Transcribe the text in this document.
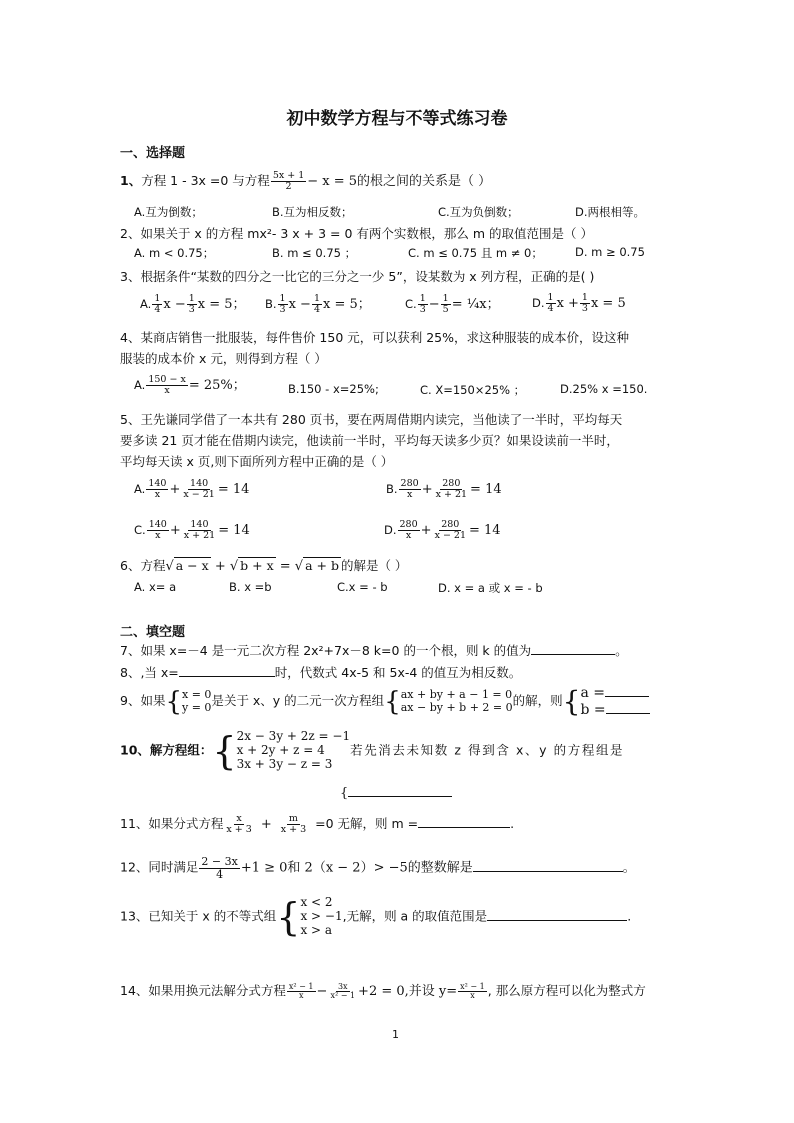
初中数学方程与不等式练习卷
一、选择题
1、方程 1 - 3x =0 与方程 $\frac{5x + 1}{2} - x = 5$的根之间的关系是（ ）
A.互为倒数；	B.互为相反数；	C.互为负倒数；	D.两根相等。
2、如果关于 x 的方程 mx²- 3 x + 3 = 0 有两个实数根，那么 m 的取值范围是（ ）
A. m < 0.75；	B. m ≤ 0.75 ；	C. m ≤ 0.75 且 m ≠ 0；	D. m ≥ 0.75
3、根据条件“某数的四分之一比它的三分之一少 5”，设某数为 x 列方程，正确的是( )
A. $\frac{1}{4}$ $x - \frac{1}{3}$ x = 5； B. $\frac{1}{3}$ $x - \frac{1}{4}$ x = 5；	C. $\frac{1}{3} - \frac{1}{5}$ = ¹⁄₄x；	D. $\frac{1}{4}$ $x + \frac{1}{3}$ x = 5
4、某商店销售一批服装，每件售价 150 元，可以获利 25%，求这种服装的成本价，设这种
服装的成本价 x 元，则得到方程（ ）
A. $\frac{150 - x}{x} = 25\%$；	B.150 - x=25%;	C. X=150×25% ；	D.25% x =150.
5、王先谦同学借了一本共有 280 页书，要在两周借期内读完，当他读了一半时，平均每天
要多读 21 页才能在借期内读完，他读前一半时，平均每天读多少页？如果设读前一半时，
平均每天读 x 页,则下面所列方程中正确的是（ ）
A. $\frac{140}{x} + \frac{140}{x - 21} = 14$	B. $\frac{280}{x} + \frac{280}{x + 21} = 14$
C. $\frac{140}{x} + \frac{140}{x + 21} = 14$	D. $\frac{280}{x} + \frac{280}{x - 21} = 14$
6、方程√ a − x + √ b + x = √ a + b 的解是（ ）
A. x= a	B. x =b	C.x = - b	D. x = a 或 x = - b
二、填空题
7、如果 x=－4 是一元二次方程 2x²+7x－8 k=0 的一个根，则 k 的值为	。
8、,当 x=	时，代数式 4x-5 和 5x-4 的值互为相反数。
9、如果{ x = 0
y = 0 是关于 x、y 的二元一次方程组{ ax + by + a − 1 = 0
ax − by + b + 2 = 0 的解，则{ a =
b =
10、解方程组：{ 2x − 3y + 2z = −1
x + 2y + z = 4
3x + 3y − z = 3
若先消去未知数 z 得到含 x、y 的方程组是
{
11、如果分式方程 $\frac{x}{x + 3} + \frac{m}{x + 3} =0$ 无解，则 m =	.
12、同时满足 $\frac{2 - 3x}{4} +1 \ge 0$和 2（x − 2）> −5的整数解是	。
13、已知关于 x 的不等式组{ x < 2
x > −1
x > a
,无解，则 a 的取值范围是	.
14、如果用换元法解分式方程 $\frac{\text{x² − 1}}{x} - \frac{3x}{\text{x² − 1}} +2 = 0$,并设 $y= \frac{\text{x² − 1}}{x}$ , 那么原方程可以化为整式方
1
